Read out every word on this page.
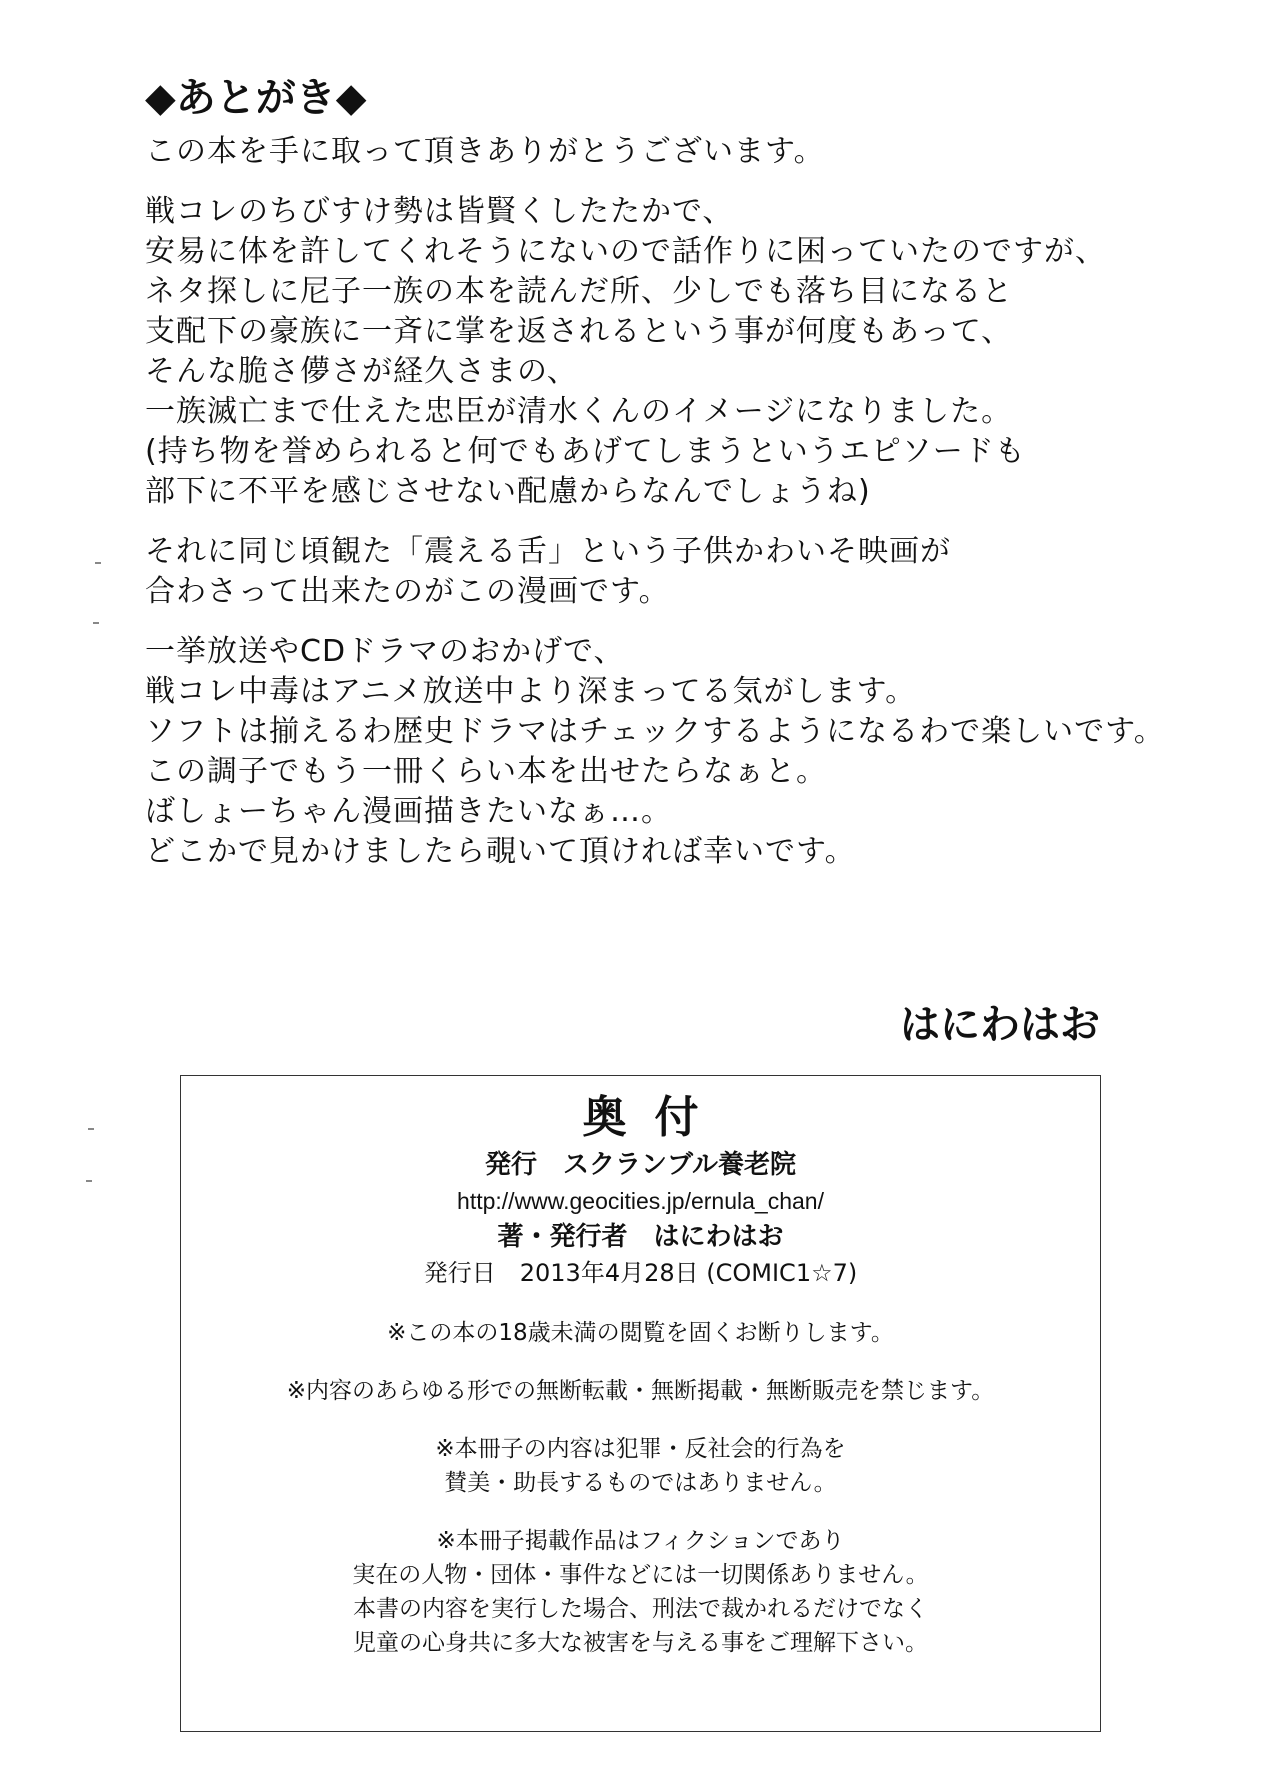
◆あとがき◆
この本を手に取って頂きありがとうございます。
戦コレのちびすけ勢は皆賢くしたたかで、
安易に体を許してくれそうにないので話作りに困っていたのですが、
ネタ探しに尼子一族の本を読んだ所、少しでも落ち目になると
支配下の豪族に一斉に掌を返されるという事が何度もあって、
そんな脆さ儚さが経久さまの、
一族滅亡まで仕えた忠臣が清水くんのイメージになりました。
(持ち物を誉められると何でもあげてしまうというエピソードも
部下に不平を感じさせない配慮からなんでしょうね)
それに同じ頃観た「震える舌」という子供かわいそ映画が
合わさって出来たのがこの漫画です。
一挙放送やCDドラマのおかげで、
戦コレ中毒はアニメ放送中より深まってる気がします。
ソフトは揃えるわ歴史ドラマはチェックするようになるわで楽しいです。
この調子でもう一冊くらい本を出せたらなぁと。
ばしょーちゃん漫画描きたいなぁ…。
どこかで見かけましたら覗いて頂ければ幸いです。
はにわはお
奥付
発行　スクランブル養老院
http://www.geocities.jp/ernula_chan/
著・発行者　はにわはお
発行日　2013年4月28日 (COMIC1☆7)
※この本の18歳未満の閲覧を固くお断りします。
※内容のあらゆる形での無断転載・無断掲載・無断販売を禁じます。
※本冊子の内容は犯罪・反社会的行為を
賛美・助長するものではありません。
※本冊子掲載作品はフィクションであり
実在の人物・団体・事件などには一切関係ありません。
本書の内容を実行した場合、刑法で裁かれるだけでなく
児童の心身共に多大な被害を与える事をご理解下さい。
